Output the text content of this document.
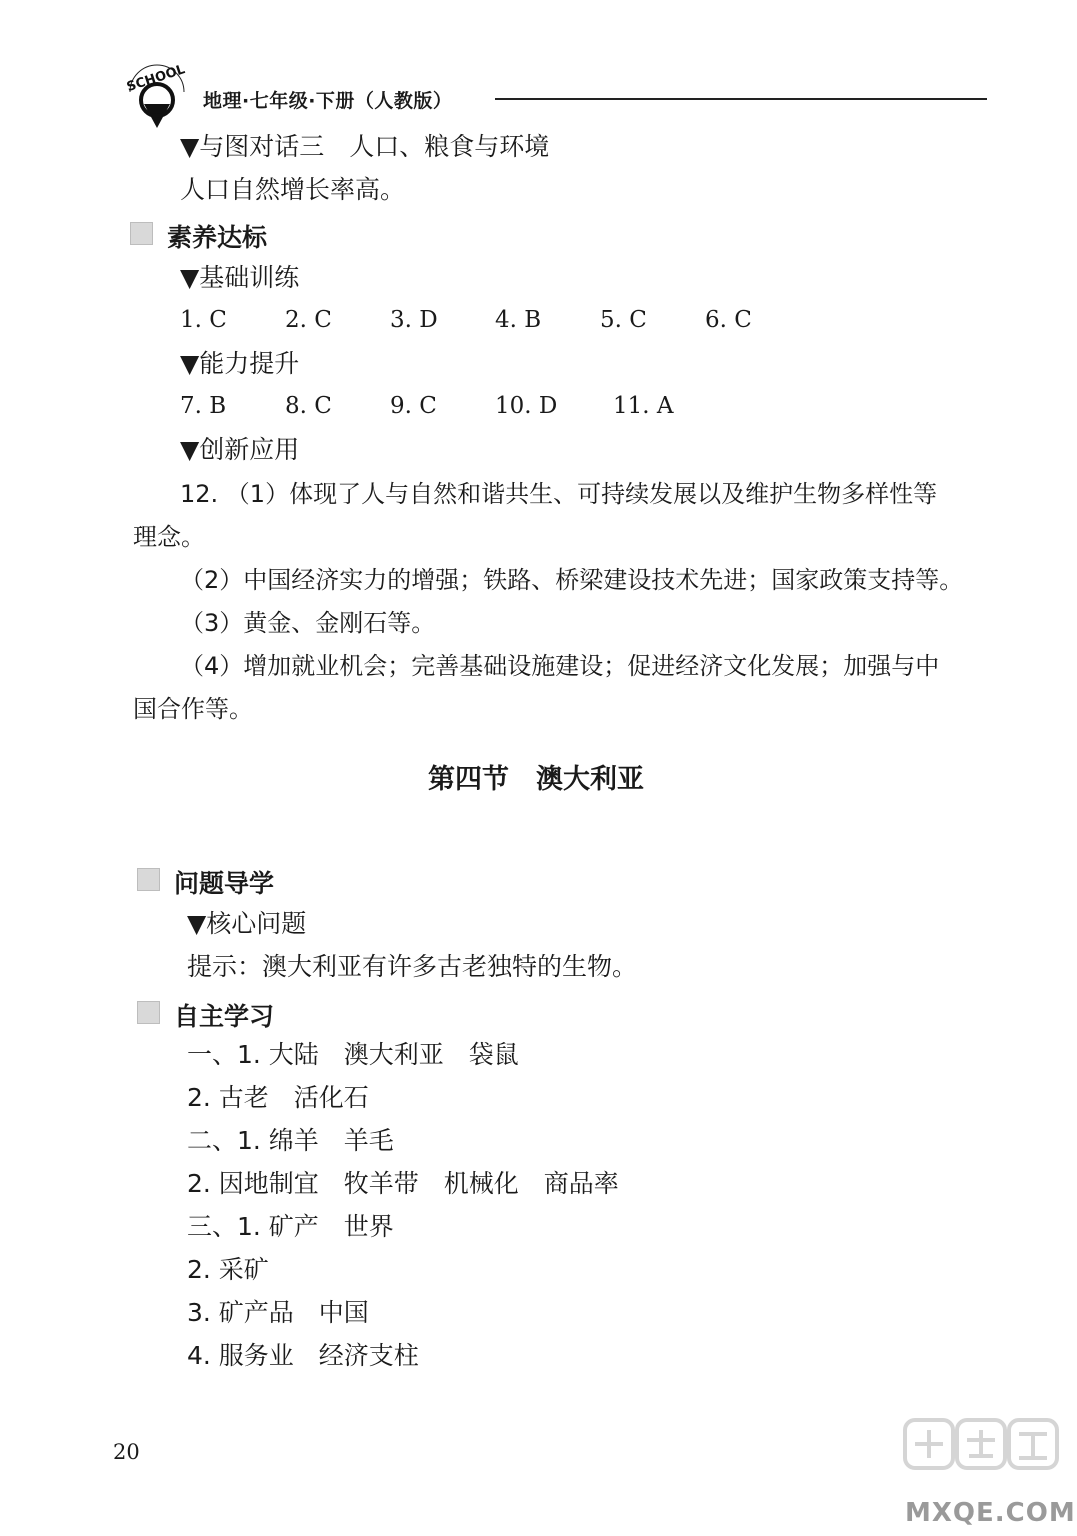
SCHOOL
地理·七年级·下册（人教版）
▼与图对话三　人口、粮食与环境
人口自然增长率高。
素养达标
▼基础训练
1. C	2. C	3. D 4. B	5. C	6. C
▼能力提升
7. B	8. C	9. C	10. D 11. A
▼创新应用
12. （1）体现了人与自然和谐共生、可持续发展以及维护生物多样性等
理念。
（2）中国经济实力的增强；铁路、桥梁建设技术先进；国家政策支持等。
（3）黄金、金刚石等。
（4）增加就业机会；完善基础设施建设；促进经济文化发展；加强与中
国合作等。
第四节　澳大利亚
问题导学
▼核心问题
提示：澳大利亚有许多古老独特的生物。
自主学习
一、1. 大陆　澳大利亚　袋鼠
2. 古老　活化石
二、1. 绵羊　羊毛
2. 因地制宜　牧羊带　机械化　商品率
三、1. 矿产　世界
2. 采矿
3. 矿产品　中国
4. 服务业　经济支柱
20
MXQE.COM
